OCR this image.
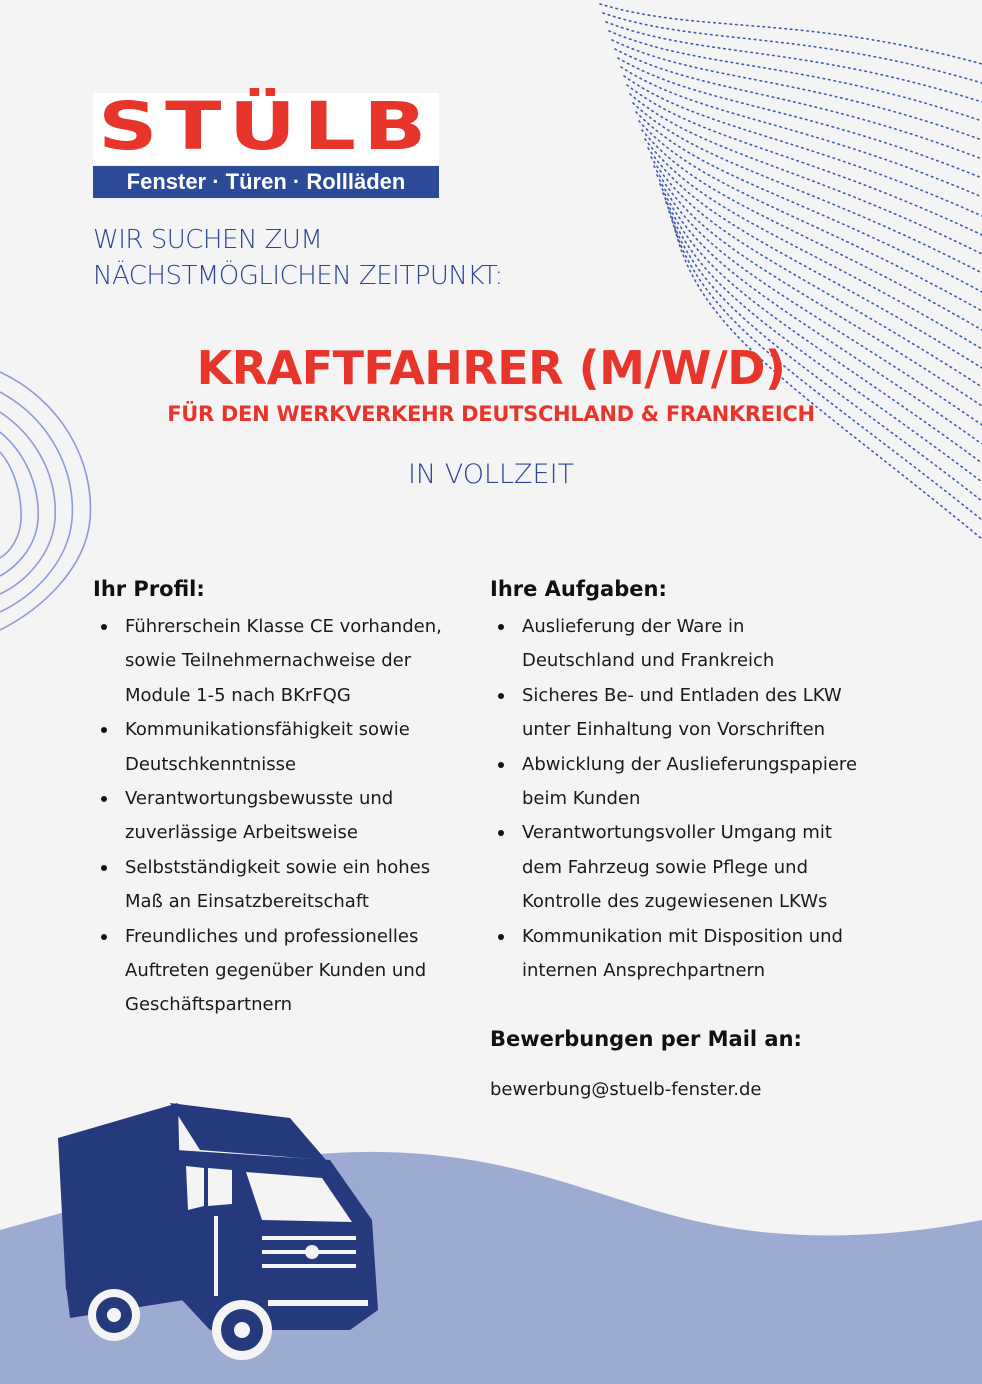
STÜLB
Fenster · Türen · Rollläden
WIR SUCHEN ZUM
NÄCHSTMÖGLICHEN ZEITPUNKT:
KRAFTFAHRER (M/W/D)
FÜR DEN WERKVERKEHR DEUTSCHLAND & FRANKREICH
IN VOLLZEIT
Ihr Profil:
Führerschein Klasse CE vorhanden,
sowie Teilnehmernachweise der
Module 1-5 nach BKrFQG
Kommunikationsfähigkeit sowie
Deutschkenntnisse
Verantwortungsbewusste und
zuverlässige Arbeitsweise
Selbstständigkeit sowie ein hohes
Maß an Einsatzbereitschaft
Freundliches und professionelles
Auftreten gegenüber Kunden und
Geschäftspartnern
Ihre Aufgaben:
Auslieferung der Ware in
Deutschland und Frankreich
Sicheres Be- und Entladen des LKW
unter Einhaltung von Vorschriften
Abwicklung der Auslieferungspapiere
beim Kunden
Verantwortungsvoller Umgang mit
dem Fahrzeug sowie Pflege und
Kontrolle des zugewiesenen LKWs
Kommunikation mit Disposition und
internen Ansprechpartnern
Bewerbungen per Mail an:
bewerbung@stuelb-fenster.de
